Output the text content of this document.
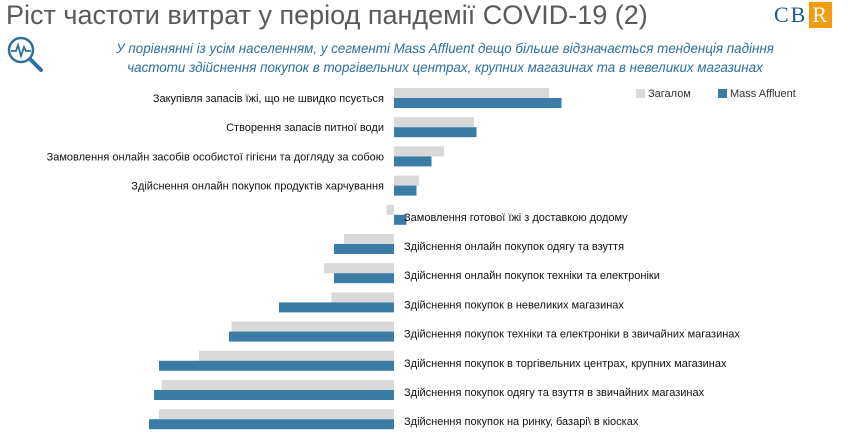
Ріст частоти витрат у період пандемії COVID-19 (2)	CB R
У порівнянні із усім населенням, у сегменті Mass Affluent дещо більше відзначається тенденція падіння
частоти здійснення покупок в торгівельних центрах, крупних магазинах та в невеликих магазинах
Загалом	Mass Affluent
Закупівля запасів їжі, що не швидко псується
Створення запасів питної води
Замовлення онлайн засобів особистої гігієни та догляду за собою
Здійснення онлайн покупок продуктів харчування
Замовлення готової їжі з доставкою додому
Здійснення онлайн покупок одягу та взуття
Здійснення онлайн покупок техніки та електроніки
Здійснення покупок в невеликих магазинах
Здійснення покупок техніки та електроніки в звичайних магазинах
Здійснення покупок в торгівельних центрах, крупних магазинах
Здійснення покупок одягу та взуття в звичайних магазинах
Здійснення покупок на ринку, базарі\ в кіосках
